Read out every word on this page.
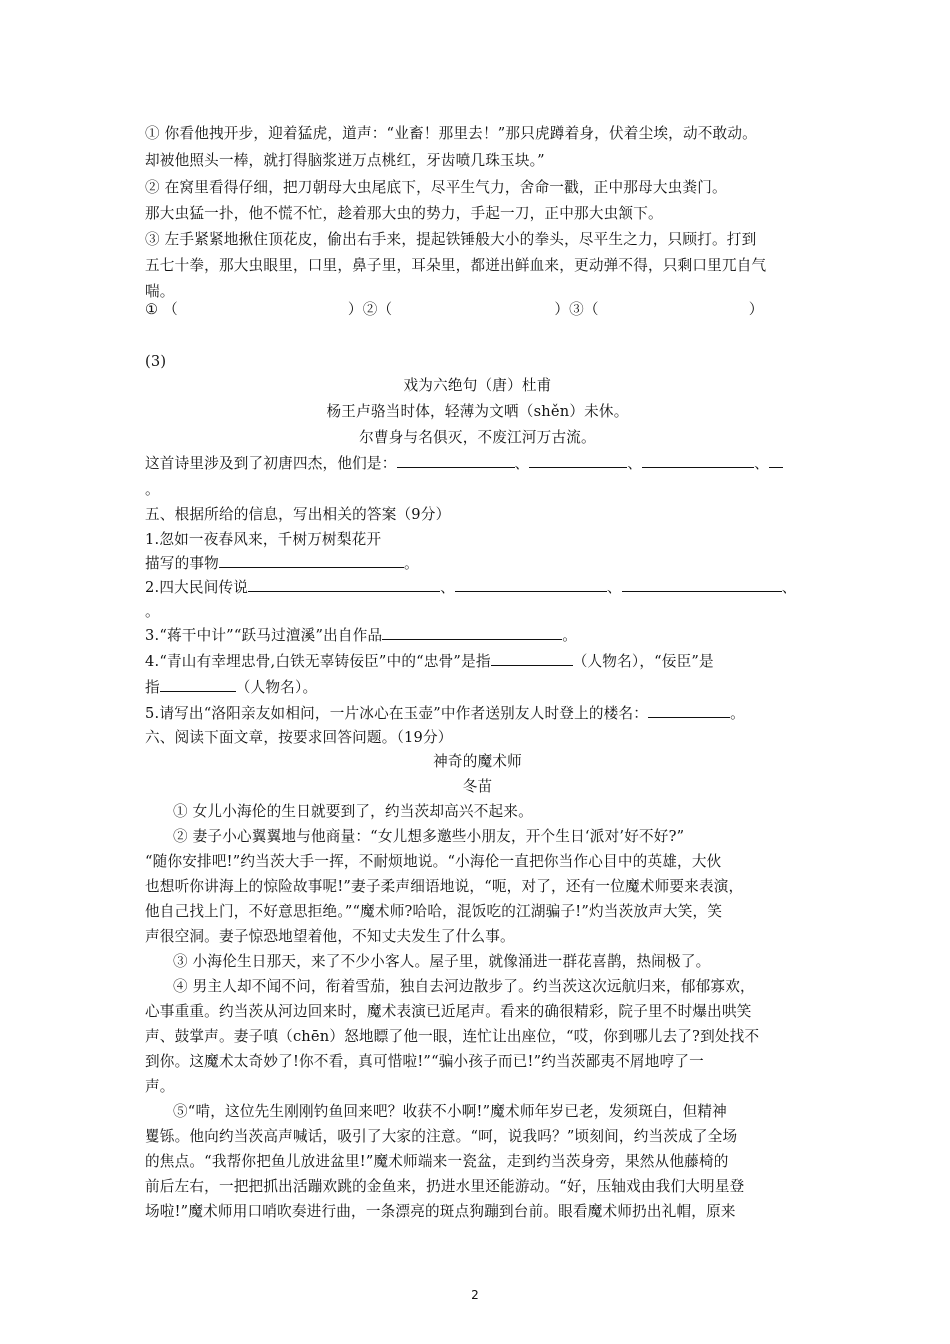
① 你看他拽开步，迎着猛虎，道声：“业畜！那里去！”那只虎蹲着身，伏着尘埃，动不敢动。
却被他照头一棒，就打得脑浆迸万点桃红，牙齿喷几珠玉块。”
② 在窝里看得仔细，把刀朝母大虫尾底下，尽平生气力，舍命一戳，正中那母大虫粪门。
那大虫猛一扑，他不慌不忙，趁着那大虫的势力，手起一刀，正中那大虫颔下。
③ 左手紧紧地揪住顶花皮，偷出右手来，提起铁锤般大小的拳头，尽平生之力，只顾打。打到
五七十拳，那大虫眼里，口里，鼻子里，耳朵里，都迸出鲜血来，更动弹不得，只剩口里兀自气
喘。
① （	）②（	）③（	）
(3)
戏为六绝句（唐）杜甫
杨王卢骆当时体，轻薄为文哂（shěn）未休。
尔曹身与名俱灭，不废江河万古流。
这首诗里涉及到了初唐四杰，他们是：	、	、	、
。
五、根据所给的信息，写出相关的答案（9分）
1.忽如一夜春风来，千树万树梨花开
描写的事物	。
2.四大民间传说	、	、	、
。
3.“蒋干中计”“跃马过澶溪”出自作品	。
4.“青山有幸埋忠骨,白铁无辜铸佞臣”中的“忠骨”是指	（人物名），“佞臣”是
指	（人物名）。
5.请写出“洛阳亲友如相问，一片冰心在玉壶”中作者送别友人时登上的楼名：	。
六、阅读下面文章，按要求回答问题。（19分）
神奇的魔术师
冬苗
① 女儿小海伦的生日就要到了，约当茨却高兴不起来。
② 妻子小心翼翼地与他商量：“女儿想多邀些小朋友，开个生日‘派对’好不好?”
“随你安排吧!”约当茨大手一挥，不耐烦地说。“小海伦一直把你当作心目中的英雄，大伙
也想听你讲海上的惊险故事呢!”妻子柔声细语地说，“呃，对了，还有一位魔术师要来表演，
他自己找上门，不好意思拒绝。”“魔术师?哈哈，混饭吃的江湖骗子!”灼当茨放声大笑，笑
声很空洞。妻子惊恐地望着他，不知丈夫发生了什么事。
③ 小海伦生日那天，来了不少小客人。屋子里，就像涌进一群花喜鹊，热闹极了。
④ 男主人却不闻不问，衔着雪茄，独自去河边散步了。约当茨这次远航归来，郁郁寡欢，
心事重重。约当茨从河边回来时，魔术表演已近尾声。看来的确很精彩，院子里不时爆出哄笑
声、鼓掌声。妻子嗔（chēn）怒地瞟了他一眼，连忙让出座位，“哎，你到哪儿去了?到处找不
到你。这魔术太奇妙了!你不看，真可惜啦!”“骗小孩子而已!”约当茨鄙夷不屑地哼了一
声。
⑤“啃，这位先生刚刚钓鱼回来吧？收获不小啊!”魔术师年岁已老，发须斑白，但精神
矍铄。他向约当茨高声喊话，吸引了大家的注意。“呵，说我吗？”顷刻间，约当茨成了全场
的焦点。“我帮你把鱼儿放进盆里!”魔术师端来一瓷盆，走到约当茨身旁，果然从他藤椅的
前后左右，一把把抓出活蹦欢跳的金鱼来，扔进水里还能游动。“好，压轴戏由我们大明星登
场啦!”魔术师用口哨吹奏进行曲，一条漂亮的斑点狗蹦到台前。眼看魔术师扔出礼帽，原来
2
